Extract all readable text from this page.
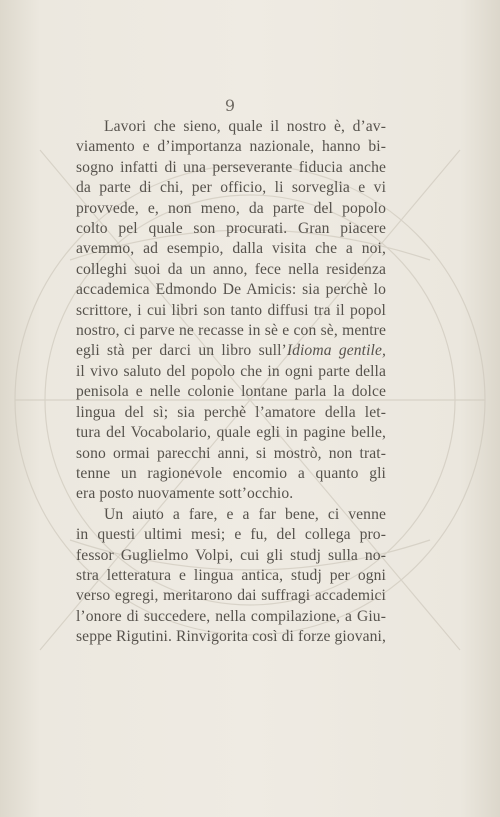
9
Lavori che sieno, quale il nostro è, d’av-
viamento e d’importanza nazionale, hanno bi-
sogno infatti di una perseverante fiducia anche
da parte di chi, per officio, li sorveglia e vi
provvede, e, non meno, da parte del popolo
colto pel quale son procurati. Gran piacere
avemmo, ad esempio, dalla visita che a noi,
colleghi suoi da un anno, fece nella residenza
accademica Edmondo De Amicis: sia perchè lo
scrittore, i cui libri son tanto diffusi tra il popol
nostro, ci parve ne recasse in sè e con sè, mentre
egli stà per darci un libro sull’Idioma gentile,
il vivo saluto del popolo che in ogni parte della
penisola e nelle colonie lontane parla la dolce
lingua del sì; sia perchè l’amatore della let-
tura del Vocabolario, quale egli in pagine belle,
sono ormai parecchi anni, si mostrò, non trat-
tenne un ragionevole encomio a quanto gli
era posto nuovamente sott’occhio.
Un aiuto a fare, e a far bene, ci venne
in questi ultimi mesi; e fu, del collega pro-
fessor Guglielmo Volpi, cui gli studj sulla no-
stra letteratura e lingua antica, studj per ogni
verso egregi, meritarono dai suffragi accademici
l’onore di succedere, nella compilazione, a Giu-
seppe Rigutini. Rinvigorita così di forze giovani,
